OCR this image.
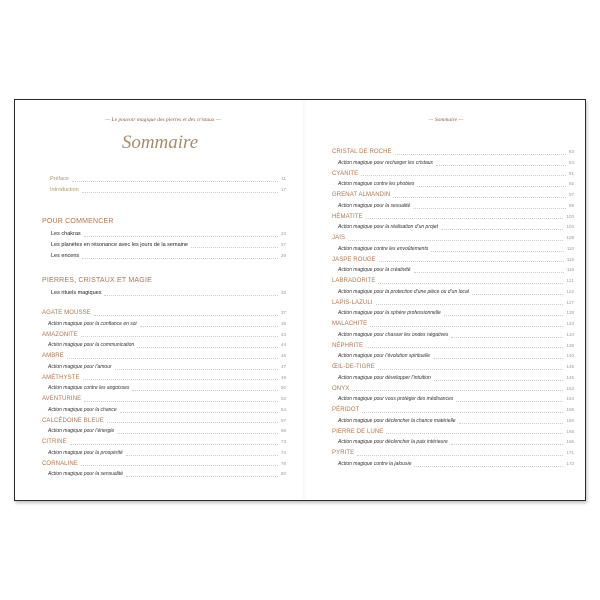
— Le pouvoir magique des pierres et des cristaux —
Sommaire
Préface	11
Introduction	17
POUR COMMENCER
Les chakras	23
Les planètes en résonance avec les jours de la semaine	27
Les encens	29
PIERRES, CRISTAUX ET MAGIE
Les rituels magiques	33
AGATE MOUSSE	37
Action magique pour la confiance en soi	39
AMAZONITE	43
Action magique pour la communication	44
AMBRE	46
Action magique pour l’amour	47
AMÉTHYSTE	49
Action magique contre les angoisses	50
AVENTURINE	52
Action magique pour la chance	54
CALCÉDOINE BLEUE	57
Action magique pour l’énergie	68
CITRINE	73
Action magique pour la prospérité	74
CORNALINE	78
Action magique pour la sensualité	80
— Sommaire —
CRISTAL DE ROCHE	83
Action magique pour recharger les cristaux	84
CYANITE	91
Action magique contre les phobies	92
GRENAT ALMANDIN	97
Action magique pour la sexualité	98
HÉMATITE	103
Action magique pour la réalisation d’un projet	104
JAIS	109
Action magique contre les envoûtements	110
JASPE ROUGE	115
Action magique pour la créativité	116
LABRADORITE	121
Action magique pour la protection d’une pièce ou d’un local	122
LAPIS-LAZULI	127
Action magique pour la sphère professionnelle	128
MALACHITE	133
Action magique pour chasser les ondes négatives	134
NÉPHRITE	139
Action magique pour l’évolution spirituelle	140
ŒIL-DE-TIGRE	145
Action magique pour développer l’intuition	146
ONYX	153
Action magique pour vous protéger des médisances	154
PÉRIDOT	159
Action magique pour déclencher la chance matérielle	160
PIERRE DE LUNE	165
Action magique pour déclencher la paix intérieure	166
PYRITE	171
Action magique contre la jalousie	172
